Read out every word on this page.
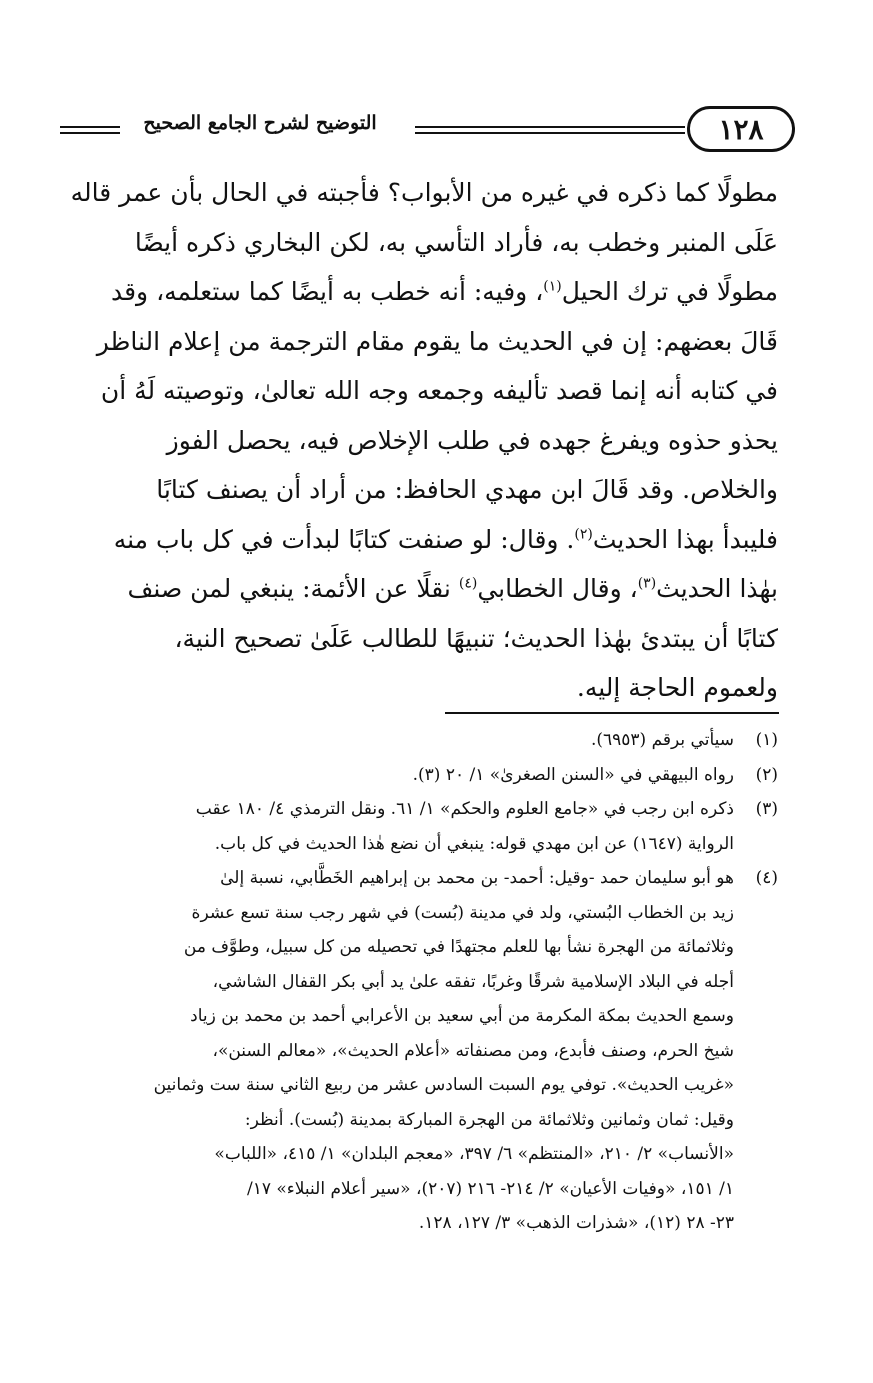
١٢٨
التوضيح لشرح الجامع الصحيح
مطولًا كما ذكره في غيره من الأبواب؟ فأجبته في الحال بأن عمر قاله
عَلَى المنبر وخطب به، فأراد التأسي به، لكن البخاري ذكره أيضًا
مطولًا في ترك الحيل$^{(١)}$، وفيه: أنه خطب به أيضًا كما ستعلمه، وقد
قَالَ بعضهم: إن في الحديث ما يقوم مقام الترجمة من إعلام الناظر
في كتابه أنه إنما قصد تأليفه وجمعه وجه الله تعالىٰ، وتوصيته لَهُ أن
يحذو حذوه ويفرغ جهده في طلب الإخلاص فيه، يحصل الفوز
والخلاص. وقد قَالَ ابن مهدي الحافظ: من أراد أن يصنف كتابًا
فليبدأ بهذا الحديث$^{(٢)}$. وقال: لو صنفت كتابًا لبدأت في كل باب منه
بهٰذا الحديث$^{(٣)}$، وقال الخطابي$^{(٤)}$ نقلًا عن الأئمة: ينبغي لمن صنف
كتابًا أن يبتدئ بهٰذا الحديث؛ تنبيهًا للطالب عَلَىٰ تصحيح النية،
ولعموم الحاجة إليه.
(١)
سيأتي برقم (٦٩٥٣).
(٢)
رواه البيهقي في «السنن الصغرىٰ» ١/ ٢٠ (٣).
(٣)
ذكره ابن رجب في «جامع العلوم والحكم» ١/ ٦١. ونقل الترمذي ٤/ ١٨٠ عقب
الرواية (١٦٤٧) عن ابن مهدي قوله: ينبغي أن نضع هٰذا الحديث في كل باب.
(٤)
هو أبو سليمان حمد -وقيل: أحمد- بن محمد بن إبراهيم الخَطَّابي، نسبة إلىٰ
زيد بن الخطاب البُستي، ولد في مدينة (بُست) في شهر رجب سنة تسع عشرة
وثلاثمائة من الهجرة نشأ بها للعلم مجتهدًا في تحصيله من كل سبيل، وطوَّف من
أجله في البلاد الإسلامية شرقًا وغربًا، تفقه علىٰ يد أبي بكر القفال الشاشي،
وسمع الحديث بمكة المكرمة من أبي سعيد بن الأعرابي أحمد بن محمد بن زياد
شيخ الحرم، وصنف فأبدع، ومن مصنفاته «أعلام الحديث»، «معالم السنن»،
«غريب الحديث». توفي يوم السبت السادس عشر من ربيع الثاني سنة ست وثمانين
وقيل: ثمان وثمانين وثلاثمائة من الهجرة المباركة بمدينة (بُست). أنظر:
«الأنساب» ٢/ ٢١٠، «المنتظم» ٦/ ٣٩٧، «معجم البلدان» ١/ ٤١٥، «اللباب»
١/ ١٥١، «وفيات الأعيان» ٢/ ٢١٤- ٢١٦ (٢٠٧)، «سير أعلام النبلاء» ١٧/
٢٣- ٢٨ (١٢)، «شذرات الذهب» ٣/ ١٢٧، ١٢٨.
